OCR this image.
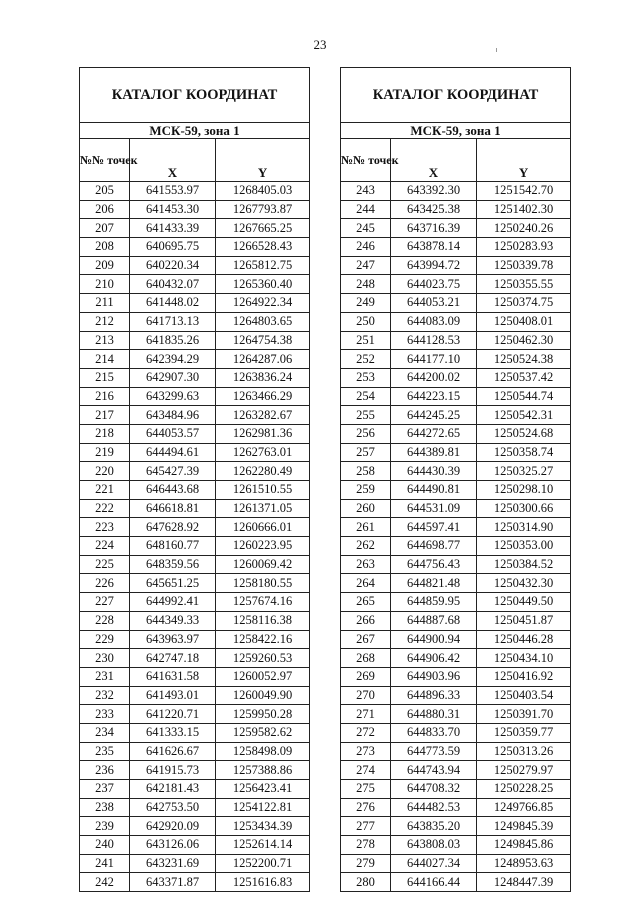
23
КАТАЛОГ КООРДИНАТ		
МСК-59, зона 1		
№№ точек	X	Y
205	641553.97	1268405.03
206	641453.30	1267793.87
207	641433.39	1267665.25
208	640695.75	1266528.43
209	640220.34	1265812.75
210	640432.07	1265360.40
211	641448.02	1264922.34
212	641713.13	1264803.65
213	641835.26	1264754.38
214	642394.29	1264287.06
215	642907.30	1263836.24
216	643299.63	1263466.29
217	643484.96	1263282.67
218	644053.57	1262981.36
219	644494.61	1262763.01
220	645427.39	1262280.49
221	646443.68	1261510.55
222	646618.81	1261371.05
223	647628.92	1260666.01
224	648160.77	1260223.95
225	648359.56	1260069.42
226	645651.25	1258180.55
227	644992.41	1257674.16
228	644349.33	1258116.38
229	643963.97	1258422.16
230	642747.18	1259260.53
231	641631.58	1260052.97
232	641493.01	1260049.90
233	641220.71	1259950.28
234	641333.15	1259582.62
235	641626.67	1258498.09
236	641915.73	1257388.86
237	642181.43	1256423.41
238	642753.50	1254122.81
239	642920.09	1253434.39
240	643126.06	1252614.14
241	643231.69	1252200.71
242	643371.87	1251616.83
КАТАЛОГ КООРДИНАТ		
МСК-59, зона 1		
№№ точек	X	Y
243	643392.30	1251542.70
244	643425.38	1251402.30
245	643716.39	1250240.26
246	643878.14	1250283.93
247	643994.72	1250339.78
248	644023.75	1250355.55
249	644053.21	1250374.75
250	644083.09	1250408.01
251	644128.53	1250462.30
252	644177.10	1250524.38
253	644200.02	1250537.42
254	644223.15	1250544.74
255	644245.25	1250542.31
256	644272.65	1250524.68
257	644389.81	1250358.74
258	644430.39	1250325.27
259	644490.81	1250298.10
260	644531.09	1250300.66
261	644597.41	1250314.90
262	644698.77	1250353.00
263	644756.43	1250384.52
264	644821.48	1250432.30
265	644859.95	1250449.50
266	644887.68	1250451.87
267	644900.94	1250446.28
268	644906.42	1250434.10
269	644903.96	1250416.92
270	644896.33	1250403.54
271	644880.31	1250391.70
272	644833.70	1250359.77
273	644773.59	1250313.26
274	644743.94	1250279.97
275	644708.32	1250228.25
276	644482.53	1249766.85
277	643835.20	1249845.39
278	643808.03	1249845.86
279	644027.34	1248953.63
280	644166.44	1248447.39
